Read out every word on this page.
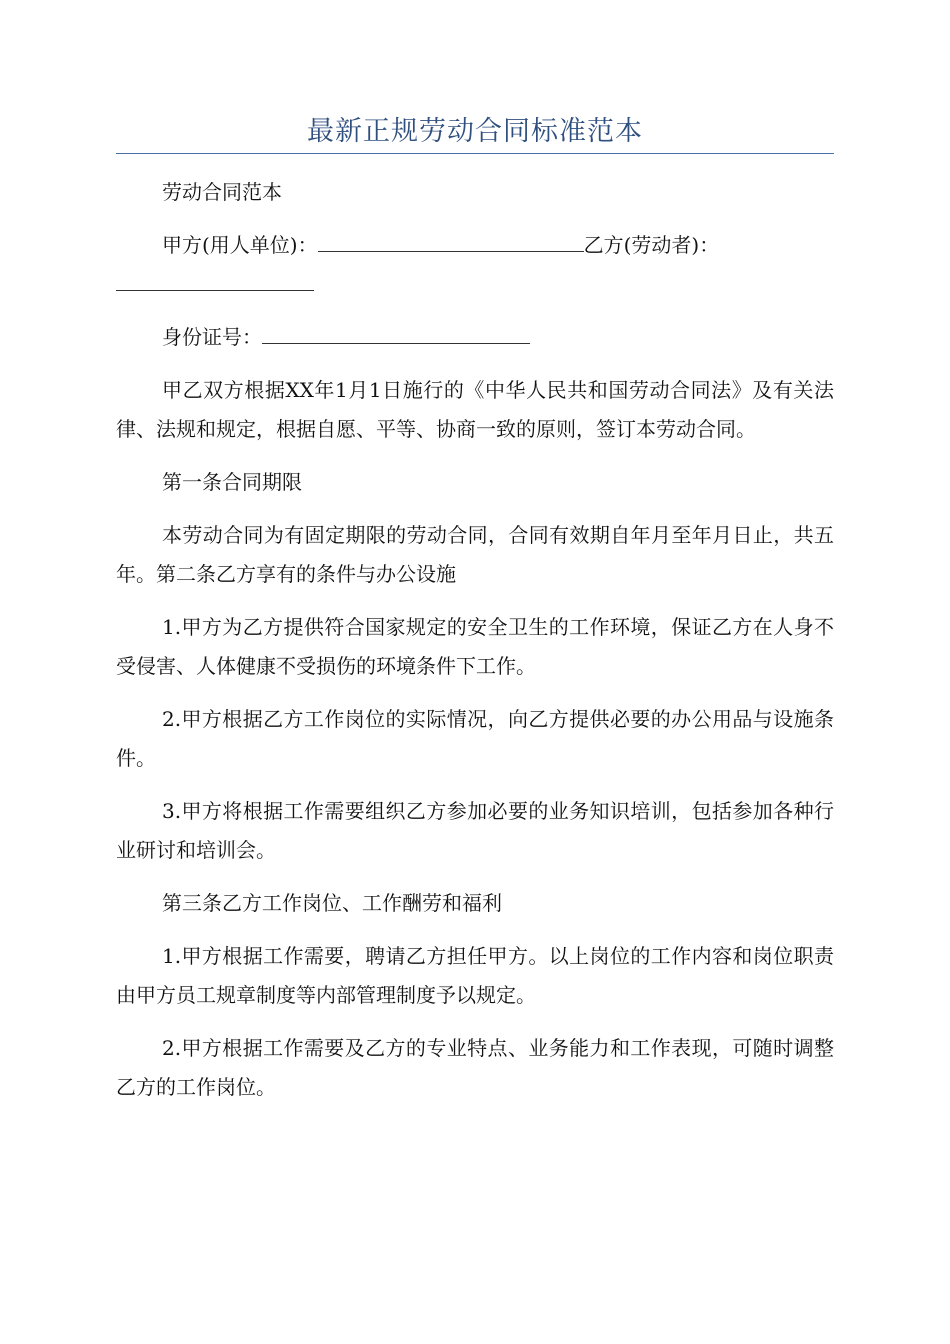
最新正规劳动合同标准范本

劳动合同范本

甲方(用人单位)：	乙方(劳动者)：

身份证号：

甲乙双方根据XX年1月1日施行的《中华人民共和国劳动合同法》及有关法律、法规和规定，根据自愿、平等、协商一致的原则，签订本劳动合同。

第一条合同期限

本劳动合同为有固定期限的劳动合同，合同有效期自年月至年月日止，共五年。第二条乙方享有的条件与办公设施

1.甲方为乙方提供符合国家规定的安全卫生的工作环境，保证乙方在人身不受侵害、人体健康不受损伤的环境条件下工作。

2.甲方根据乙方工作岗位的实际情况，向乙方提供必要的办公用品与设施条件。

3.甲方将根据工作需要组织乙方参加必要的业务知识培训，包括参加各种行业研讨和培训会。

第三条乙方工作岗位、工作酬劳和福利

1.甲方根据工作需要，聘请乙方担任甲方。以上岗位的工作内容和岗位职责由甲方员工规章制度等内部管理制度予以规定。

2.甲方根据工作需要及乙方的专业特点、业务能力和工作表现，可随时调整乙方的工作岗位。
